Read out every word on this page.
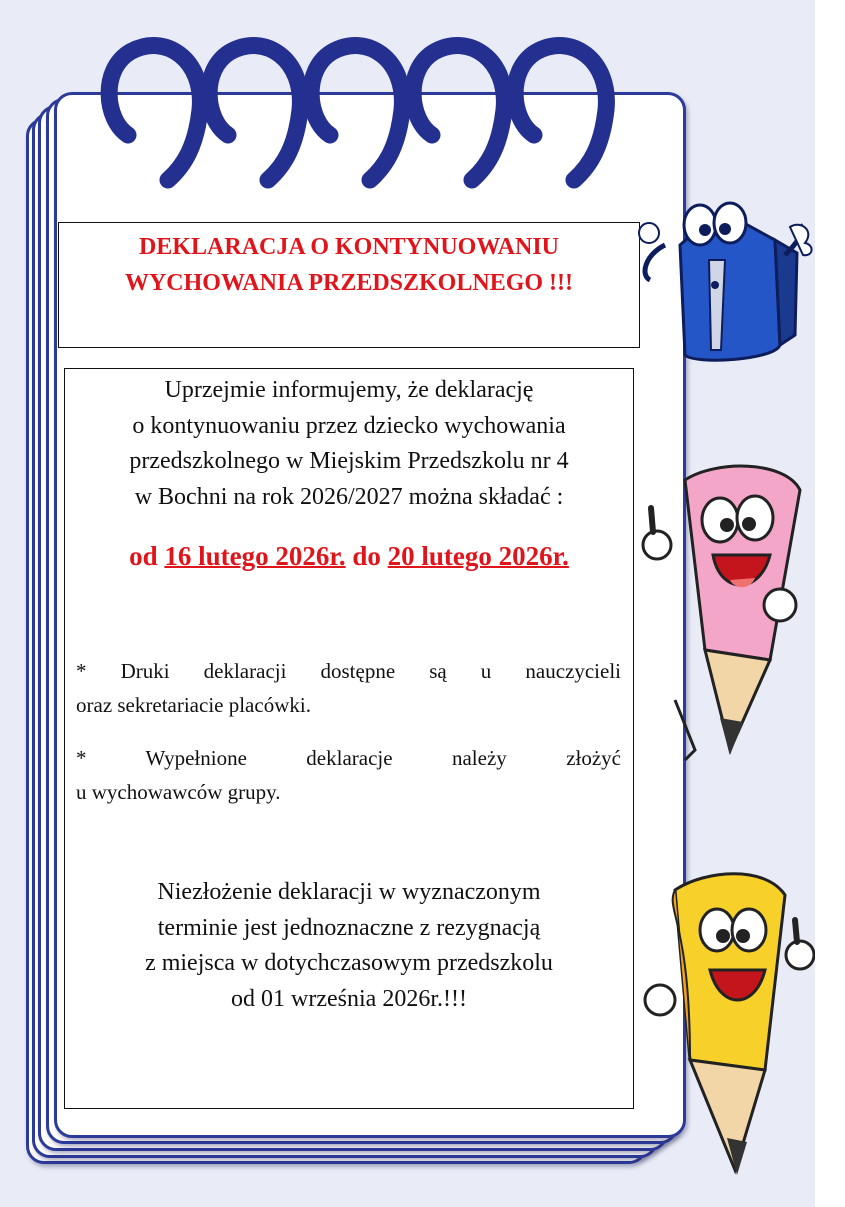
DEKLARACJA O KONTYNUOWANIU
WYCHOWANIA PRZEDSZKOLNEGO !!!
Uprzejmie informujemy, że deklarację
o kontynuowaniu przez dziecko wychowania
przedszkolnego w Miejskim Przedszkolu nr 4
w Bochni na rok 2026/2027 można składać :
od 16 lutego 2026r. do 20 lutego 2026r.
* Druki deklaracji dostępne są u nauczycieli
oraz sekretariacie placówki.
* Wypełnione deklaracje należy złożyć
u wychowawców grupy.
Niezłożenie deklaracji w wyznaczonym
terminie jest jednoznaczne z rezygnacją
z miejsca w dotychczasowym przedszkolu
od 01 września 2026r.!!!
